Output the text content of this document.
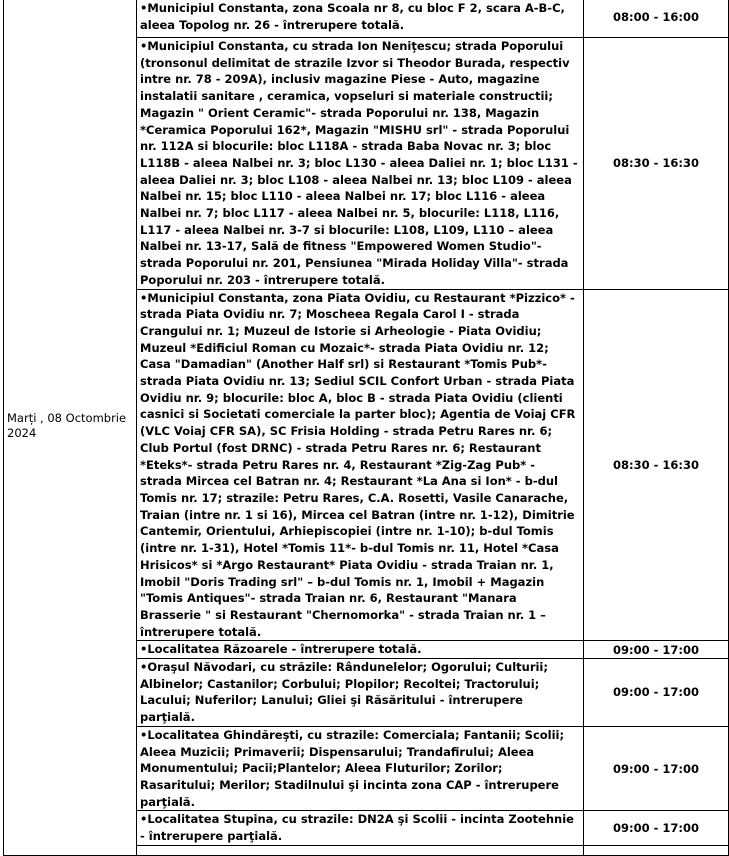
Marți , 08 Octombrie 2024	•Municipiul Constanta, zona Scoala nr 8, cu bloc F 2, scara A-B-C, aleea Topolog nr. 26 - întrerupere totală.	08:00 - 16:00

	•Municipiul Constanta, cu strada Ion Neniţescu; strada Poporului (tronsonul delimitat de strazile Izvor si Theodor Burada, respectiv intre nr. 78 - 209A), inclusiv magazine Piese - Auto, magazine instalatii sanitare , ceramica, vopseluri si materiale constructii; Magazin " Orient Ceramic"- strada Poporului nr. 138, Magazin *Ceramica Poporului 162*, Magazin "MISHU srl" - strada Poporului nr. 112A si blocurile: bloc L118A - strada Baba Novac nr. 3; bloc L118B - aleea Nalbei nr. 3; bloc L130 - aleea Daliei nr. 1; bloc L131 - aleea Daliei nr. 3; bloc L108 - aleea Nalbei nr. 13; bloc L109 - aleea Nalbei nr. 15; bloc L110 - aleea Nalbei nr. 17; bloc L116 - aleea Nalbei nr. 7; bloc L117 - aleea Nalbei nr. 5, blocurile: L118, L116, L117 - aleea Nalbei nr. 3-7 si blocurile: L108, L109, L110 – aleea Nalbei nr. 13-17, Sală de fitness "Empowered Women Studio"- strada Poporului nr. 201, Pensiunea "Mirada Holiday Villa"- strada Poporului nr. 203 - întrerupere totală.	08:30 - 16:30

	•Municipiul Constanta, zona Piata Ovidiu, cu Restaurant *Pizzico* - strada Piata Ovidiu nr. 7; Moscheea Regala Carol I - strada Crangului nr. 1; Muzeul de Istorie si Arheologie - Piata Ovidiu; Muzeul *Edificiul Roman cu Mozaic*- strada Piata Ovidiu nr. 12; Casa "Damadian" (Another Half srl) si Restaurant *Tomis Pub*- strada Piata Ovidiu nr. 13; Sediul SCIL Confort Urban - strada Piata Ovidiu nr. 9; blocurile: bloc A, bloc B - strada Piata Ovidiu (clienti casnici si Societati comerciale la parter bloc); Agentia de Voiaj CFR (VLC Voiaj CFR SA), SC Frisia Holding - strada Petru Rares nr. 6; Club Portul (fost DRNC) - strada Petru Rares nr. 6; Restaurant *Eteks*- strada Petru Rares nr. 4, Restaurant *Zig-Zag Pub* - strada Mircea cel Batran nr. 4; Restaurant *La Ana si Ion* - b-dul Tomis nr. 17; strazile: Petru Rares, C.A. Rosetti, Vasile Canarache, Traian (intre nr. 1 si 16), Mircea cel Batran (intre nr. 1-12), Dimitrie Cantemir, Orientului, Arhiepiscopiei (intre nr. 1-10); b-dul Tomis (intre nr. 1-31), Hotel *Tomis 11*- b-dul Tomis nr. 11, Hotel *Casa Hrisicos* si *Argo Restaurant* Piata Ovidiu - strada Traian nr. 1, Imobil "Doris Trading srl" – b-dul Tomis nr. 1, Imobil + Magazin "Tomis Antiques"- strada Traian nr. 6, Restaurant "Manara Brasserie " si Restaurant "Chernomorka" - strada Traian nr. 1 – întrerupere totală.	08:30 - 16:30

	•Localitatea Răzoarele - întrerupere totală.	09:00 - 17:00

	•Oraşul Năvodari, cu străzile: Rândunelelor; Ogorului; Culturii; Albinelor; Castanilor; Corbului; Plopilor; Recoltei; Tractorului; Lacului; Nuferilor; Lanului; Gliei şi Răsăritului - întrerupere parţială.	09:00 - 17:00

	•Localitatea Ghindăreşti, cu strazile: Comerciala; Fantanii; Scolii; Aleea Muzicii; Primaverii; Dispensarului; Trandafirului; Aleea Monumentului; Pacii;Plantelor; Aleea Fluturilor; Zorilor; Rasaritului; Merilor; Stadilnului şi incinta zona CAP - întrerupere parţială.	09:00 - 17:00

	•Localitatea Stupina, cu strazile: DN2A şi Scolii - incinta Zootehnie - întrerupere parţială.	09:00 - 17:00
